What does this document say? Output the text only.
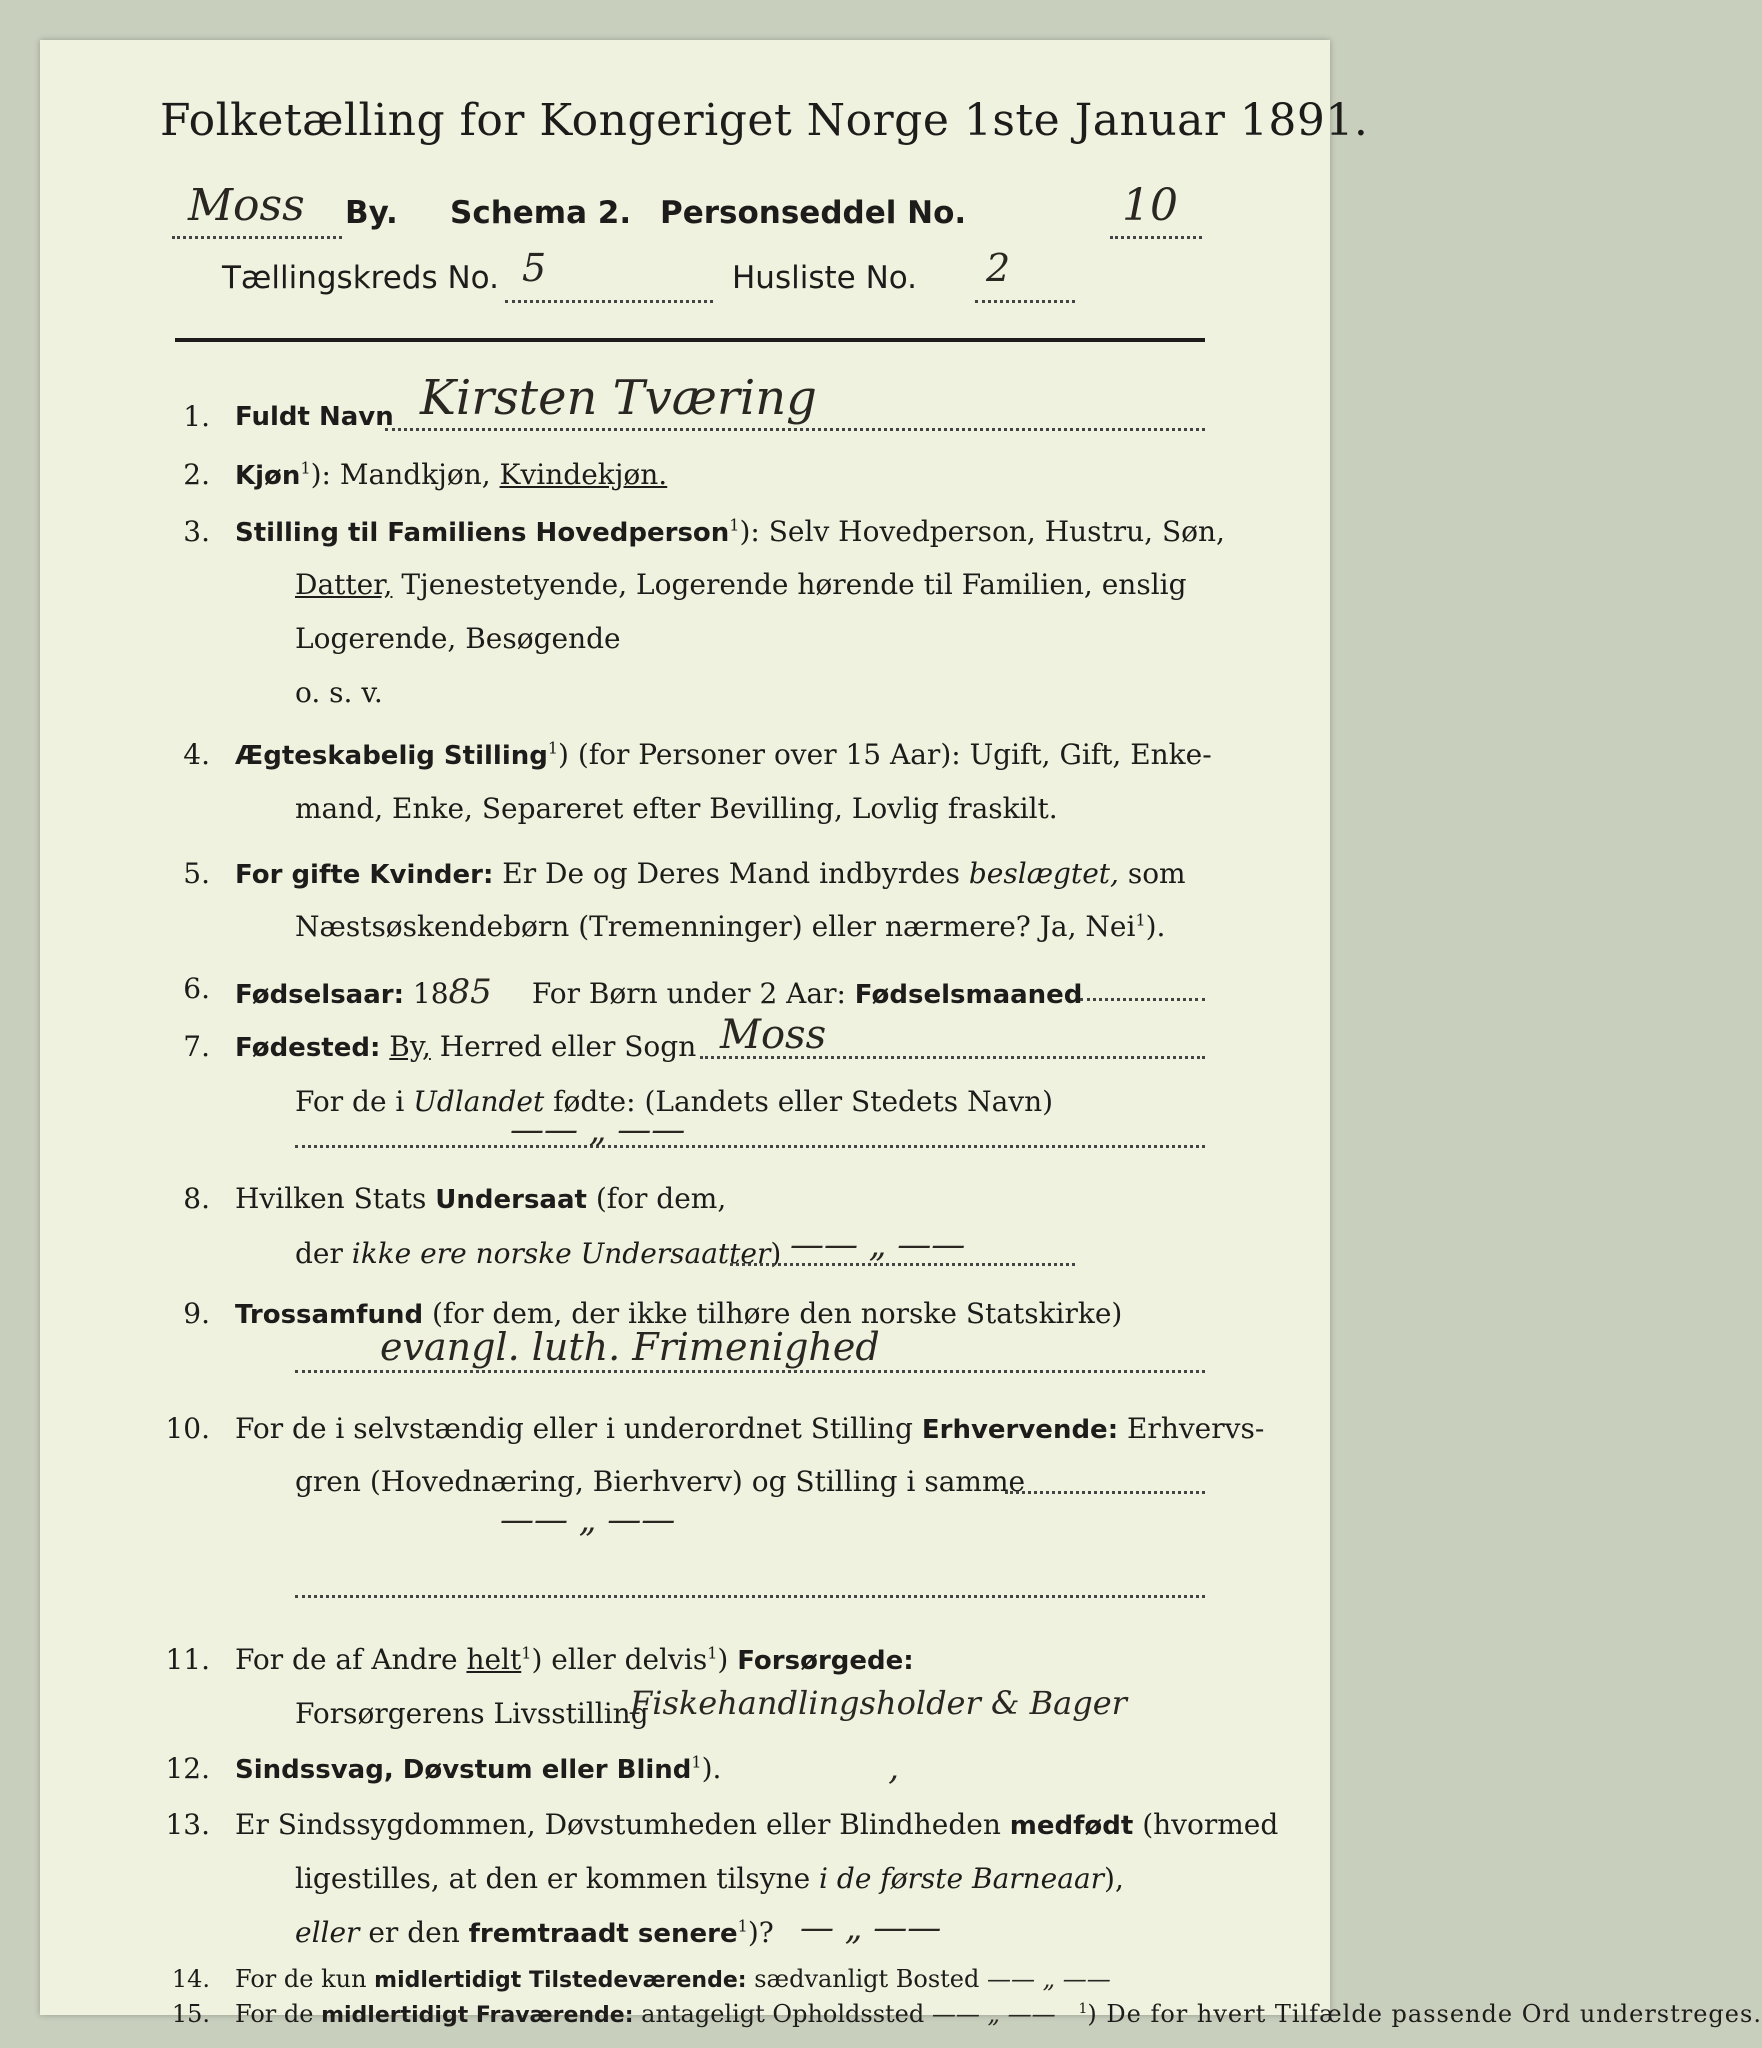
Folketælling for Kongeriget Norge 1ste Januar 1891.
Moss By. Schema 2. Personseddel No.	10
Tællingskreds No. 5	Husliste No. 2
1. Fuldt Navn Kirsten Tværing
2. Kjøn$^1$): Mandkjøn, Kvindekjøn.
3. Stilling til Familiens Hovedperson$^1$): Selv Hovedperson, Hustru, Søn,
Datter, Tjenestetyende, Logerende hørende til Familien, enslig
Logerende, Besøgende
o. s. v.
4. Ægteskabelig Stilling$^1$) (for Personer over 15 Aar): Ugift, Gift, Enke-
mand, Enke, Separeret efter Bevilling, Lovlig fraskilt.
5. For gifte Kvinder: Er De og Deres Mand indbyrdes beslægtet, som
Næstsøskendebørn (Tremenninger) eller nærmere? Ja, Nei$^1$).
6. Fødselsaar: 1885 For Børn under 2 Aar: Fødselsmaaned
7. Fødested: By, Herred eller Sogn Moss
For de i Udlandet fødte: (Landets eller Stedets Navn)
—— „ ——
8. Hvilken Stats Undersaat (for dem,
der ikke ere norske Undersaatter) —— „ ——
9. Trossamfund (for dem, der ikke tilhøre den norske Statskirke)
evangl. luth. Frimenighed
10. For de i selvstændig eller i underordnet Stilling Erhvervende: Erhvervs-
gren (Hovednæring, Bierhverv) og Stilling i samme
—— „ ——
11. For de af Andre helt$^1$) eller delvis$^1$) Forsørgede:
Forsørgerens Livsstilling
Fiskehandlingsholder & Bager
12. Sindssvag, Døvstum eller Blind$^1$).	‚
13. Er Sindssygdommen, Døvstumheden eller Blindheden medfødt (hvormed
ligestilles, at den er kommen tilsyne i de første Barneaar),
eller er den fremtraadt senere$^1$)? — „ ——
14. For de kun midlertidigt Tilstedeværende: sædvanligt Bosted —— „ ——
15. For de midlertidigt Fraværende: antageligt Opholdssted —— „ —— $^1$) De for hvert Tilfælde passende Ord understreges.
